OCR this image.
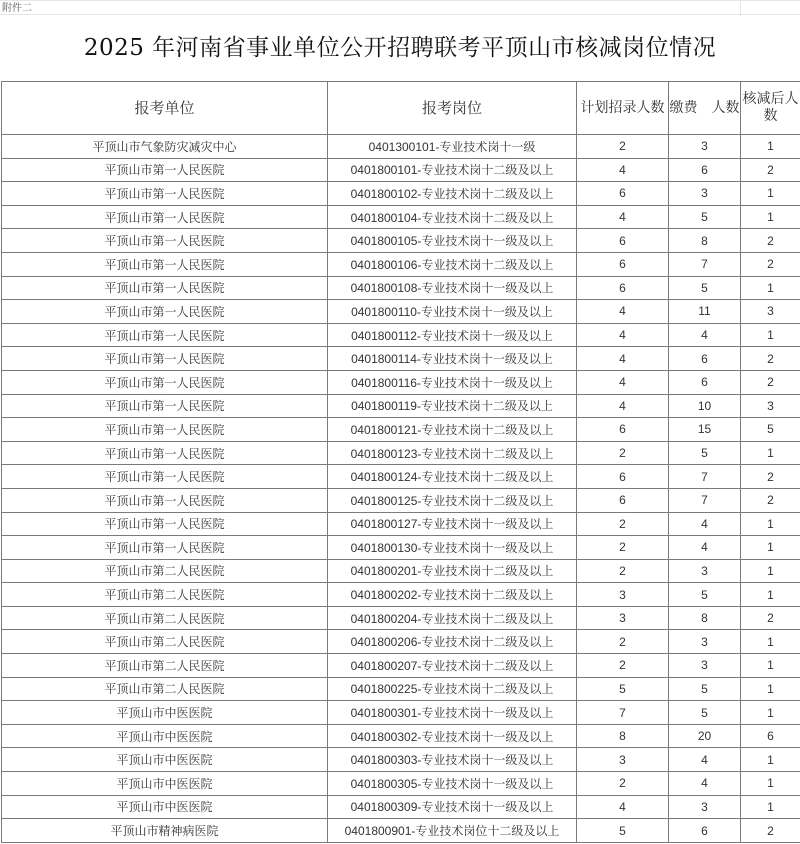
附件二
2025 年河南省事业单位公开招聘联考平顶山市核减岗位情况
报考单位	报考岗位	计划招录人数	缴费　人数	核减后人数
平顶山市气象防灾减灾中心	0401300101-专业技术岗十一级	2	3	1
平顶山市第一人民医院	0401800101-专业技术岗十二级及以上	4	6	2
平顶山市第一人民医院	0401800102-专业技术岗十二级及以上	6	3	1
平顶山市第一人民医院	0401800104-专业技术岗十二级及以上	4	5	1
平顶山市第一人民医院	0401800105-专业技术岗十一级及以上	6	8	2
平顶山市第一人民医院	0401800106-专业技术岗十二级及以上	6	7	2
平顶山市第一人民医院	0401800108-专业技术岗十一级及以上	6	5	1
平顶山市第一人民医院	0401800110-专业技术岗十一级及以上	4	11	3
平顶山市第一人民医院	0401800112-专业技术岗十一级及以上	4	4	1
平顶山市第一人民医院	0401800114-专业技术岗十一级及以上	4	6	2
平顶山市第一人民医院	0401800116-专业技术岗十一级及以上	4	6	2
平顶山市第一人民医院	0401800119-专业技术岗十二级及以上	4	10	3
平顶山市第一人民医院	0401800121-专业技术岗十二级及以上	6	15	5
平顶山市第一人民医院	0401800123-专业技术岗十二级及以上	2	5	1
平顶山市第一人民医院	0401800124-专业技术岗十二级及以上	6	7	2
平顶山市第一人民医院	0401800125-专业技术岗十二级及以上	6	7	2
平顶山市第一人民医院	0401800127-专业技术岗十一级及以上	2	4	1
平顶山市第一人民医院	0401800130-专业技术岗十一级及以上	2	4	1
平顶山市第二人民医院	0401800201-专业技术岗十二级及以上	2	3	1
平顶山市第二人民医院	0401800202-专业技术岗十二级及以上	3	5	1
平顶山市第二人民医院	0401800204-专业技术岗十二级及以上	3	8	2
平顶山市第二人民医院	0401800206-专业技术岗十二级及以上	2	3	1
平顶山市第二人民医院	0401800207-专业技术岗十二级及以上	2	3	1
平顶山市第二人民医院	0401800225-专业技术岗十二级及以上	5	5	1
平顶山市中医医院	0401800301-专业技术岗十一级及以上	7	5	1
平顶山市中医医院	0401800302-专业技术岗十一级及以上	8	20	6
平顶山市中医医院	0401800303-专业技术岗十一级及以上	3	4	1
平顶山市中医医院	0401800305-专业技术岗十一级及以上	2	4	1
平顶山市中医医院	0401800309-专业技术岗十一级及以上	4	3	1
平顶山市精神病医院	0401800901-专业技术岗位十二级及以上	5	6	2
